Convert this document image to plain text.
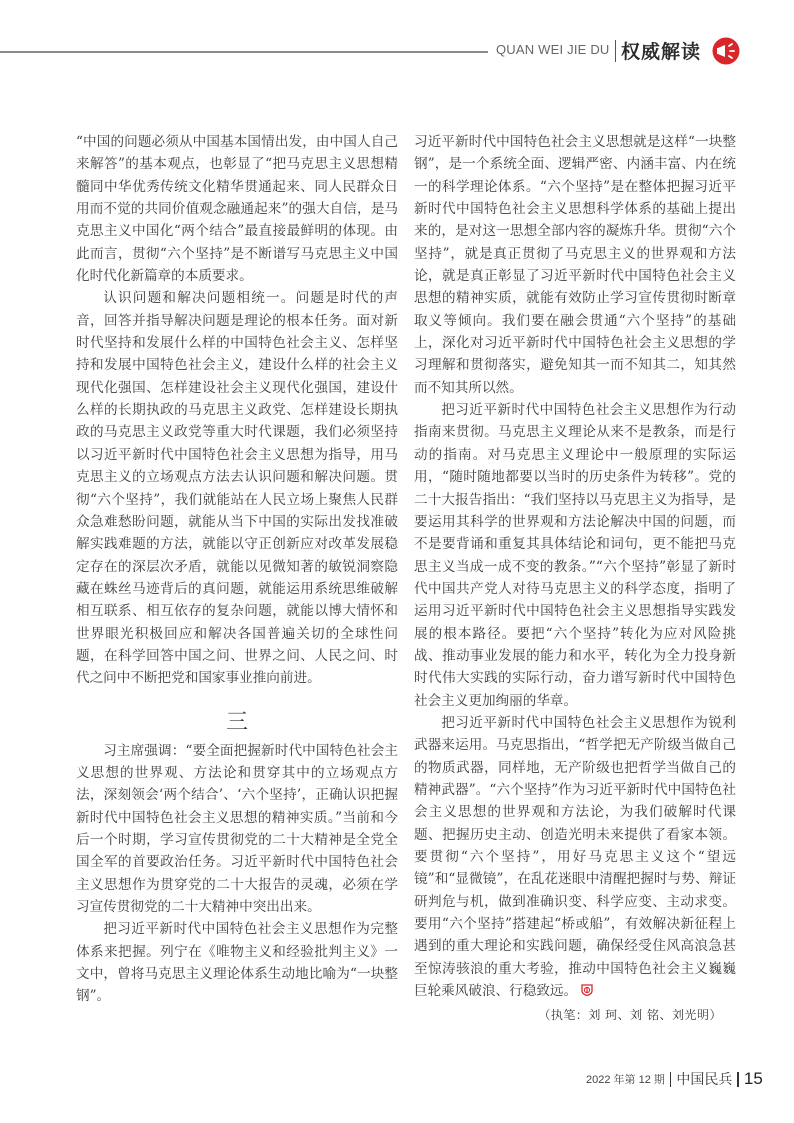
QUAN WEI JIE DU 权威解读

“中国的问题必须从中国基本国情出发，由中国人自己来解答”的基本观点，也彰显了“把马克思主义思想精髓同中华优秀传统文化精华贯通起来、同人民群众日用而不觉的共同价值观念融通起来”的强大自信，是马克思主义中国化“两个结合”最直接最鲜明的体现。由此而言，贯彻“六个坚持”是不断谱写马克思主义中国化时代化新篇章的本质要求。

认识问题和解决问题相统一。问题是时代的声音，回答并指导解决问题是理论的根本任务。面对新时代坚持和发展什么样的中国特色社会主义、怎样坚持和发展中国特色社会主义，建设什么样的社会主义现代化强国、怎样建设社会主义现代化强国，建设什么样的长期执政的马克思主义政党、怎样建设长期执政的马克思主义政党等重大时代课题，我们必须坚持以习近平新时代中国特色社会主义思想为指导，用马克思主义的立场观点方法去认识问题和解决问题。贯彻“六个坚持”，我们就能站在人民立场上聚焦人民群众急难愁盼问题，就能从当下中国的实际出发找准破解实践难题的方法，就能以守正创新应对改革发展稳定存在的深层次矛盾，就能以见微知著的敏锐洞察隐藏在蛛丝马迹背后的真问题，就能运用系统思维破解相互联系、相互依存的复杂问题，就能以博大情怀和世界眼光积极回应和解决各国普遍关切的全球性问题，在科学回答中国之问、世界之问、人民之问、时代之问中不断把党和国家事业推向前进。

三

习主席强调：“要全面把握新时代中国特色社会主义思想的世界观、方法论和贯穿其中的立场观点方法，深刻领会‘两个结合’、‘六个坚持’，正确认识把握新时代中国特色社会主义思想的精神实质。”当前和今后一个时期，学习宣传贯彻党的二十大精神是全党全国全军的首要政治任务。习近平新时代中国特色社会主义思想作为贯穿党的二十大报告的灵魂，必须在学习宣传贯彻党的二十大精神中突出出来。

把习近平新时代中国特色社会主义思想作为完整体系来把握。列宁在《唯物主义和经验批判主义》一文中，曾将马克思主义理论体系生动地比喻为“一块整钢”。

习近平新时代中国特色社会主义思想就是这样“一块整钢”，是一个系统全面、逻辑严密、内涵丰富、内在统一的科学理论体系。“六个坚持”是在整体把握习近平新时代中国特色社会主义思想科学体系的基础上提出来的，是对这一思想全部内容的凝炼升华。贯彻“六个坚持”，就是真正贯彻了马克思主义的世界观和方法论，就是真正彰显了习近平新时代中国特色社会主义思想的精神实质，就能有效防止学习宣传贯彻时断章取义等倾向。我们要在融会贯通“六个坚持”的基础上，深化对习近平新时代中国特色社会主义思想的学习理解和贯彻落实，避免知其一而不知其二，知其然而不知其所以然。

把习近平新时代中国特色社会主义思想作为行动指南来贯彻。马克思主义理论从来不是教条，而是行动的指南。对马克思主义理论中一般原理的实际运用，“随时随地都要以当时的历史条件为转移”。党的二十大报告指出：“我们坚持以马克思主义为指导，是要运用其科学的世界观和方法论解决中国的问题，而不是要背诵和重复其具体结论和词句，更不能把马克思主义当成一成不变的教条。”“六个坚持”彰显了新时代中国共产党人对待马克思主义的科学态度，指明了运用习近平新时代中国特色社会主义思想指导实践发展的根本路径。要把“六个坚持”转化为应对风险挑战、推动事业发展的能力和水平，转化为全力投身新时代伟大实践的实际行动，奋力谱写新时代中国特色社会主义更加绚丽的华章。

把习近平新时代中国特色社会主义思想作为锐利武器来运用。马克思指出，“哲学把无产阶级当做自己的物质武器，同样地，无产阶级也把哲学当做自己的精神武器”。“六个坚持”作为习近平新时代中国特色社会主义思想的世界观和方法论，为我们破解时代课题、把握历史主动、创造光明未来提供了看家本领。要贯彻“六个坚持”，用好马克思主义这个“望远镜”和“显微镜”，在乱花迷眼中清醒把握时与势、辩证研判危与机，做到准确识变、科学应变、主动求变。要用“六个坚持”搭建起“桥或船”，有效解决新征程上遇到的重大理论和实践问题，确保经受住风高浪急甚至惊涛骇浪的重大考验，推动中国特色社会主义巍巍巨轮乘风破浪、行稳致远。

（执笔：刘 珂、刘 铭、刘光明）
2022 年第 12 期 中国民兵 15
